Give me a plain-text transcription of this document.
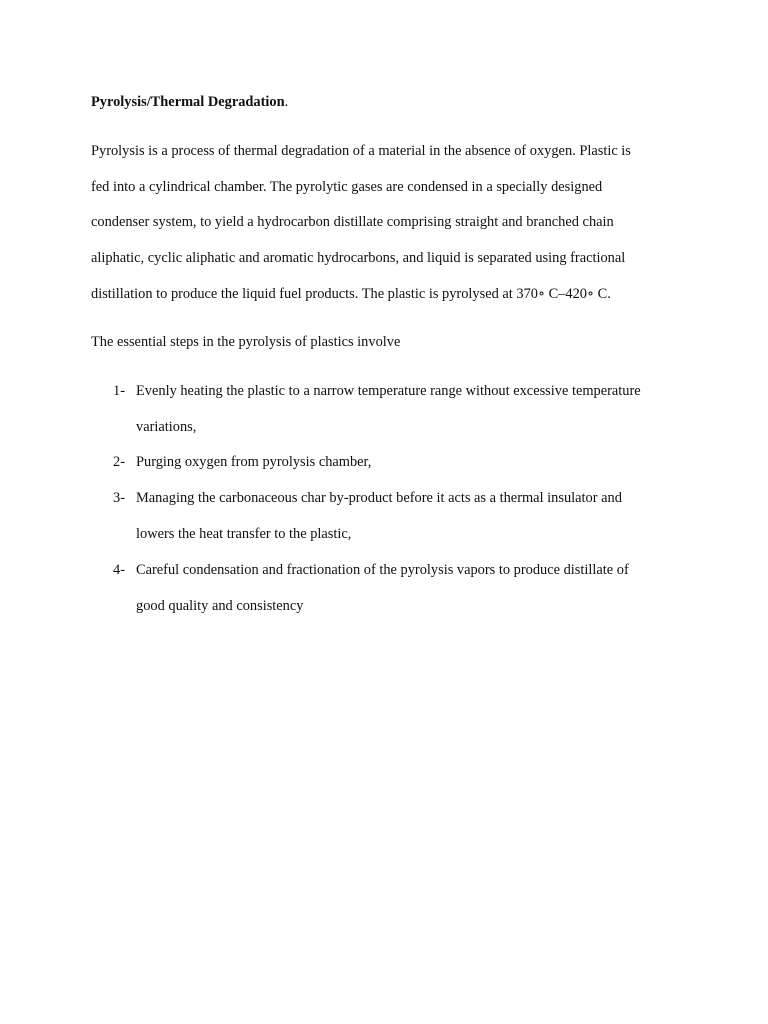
Pyrolysis/Thermal Degradation.

Pyrolysis is a process of thermal degradation of a material in the absence of oxygen. Plastic is

fed into a cylindrical chamber. The pyrolytic gases are condensed in a specially designed

condenser system, to yield a hydrocarbon distillate comprising straight and branched chain

aliphatic, cyclic aliphatic and aromatic hydrocarbons, and liquid is separated using fractional

distillation to produce the liquid fuel products. The plastic is pyrolysed at 370∘ C–420∘ C.

The essential steps in the pyrolysis of plastics involve

1- Evenly heating the plastic to a narrow temperature range without excessive temperature
variations,
2- Purging oxygen from pyrolysis chamber,
3- Managing the carbonaceous char by-product before it acts as a thermal insulator and
lowers the heat transfer to the plastic,
4- Careful condensation and fractionation of the pyrolysis vapors to produce distillate of
good quality and consistency
